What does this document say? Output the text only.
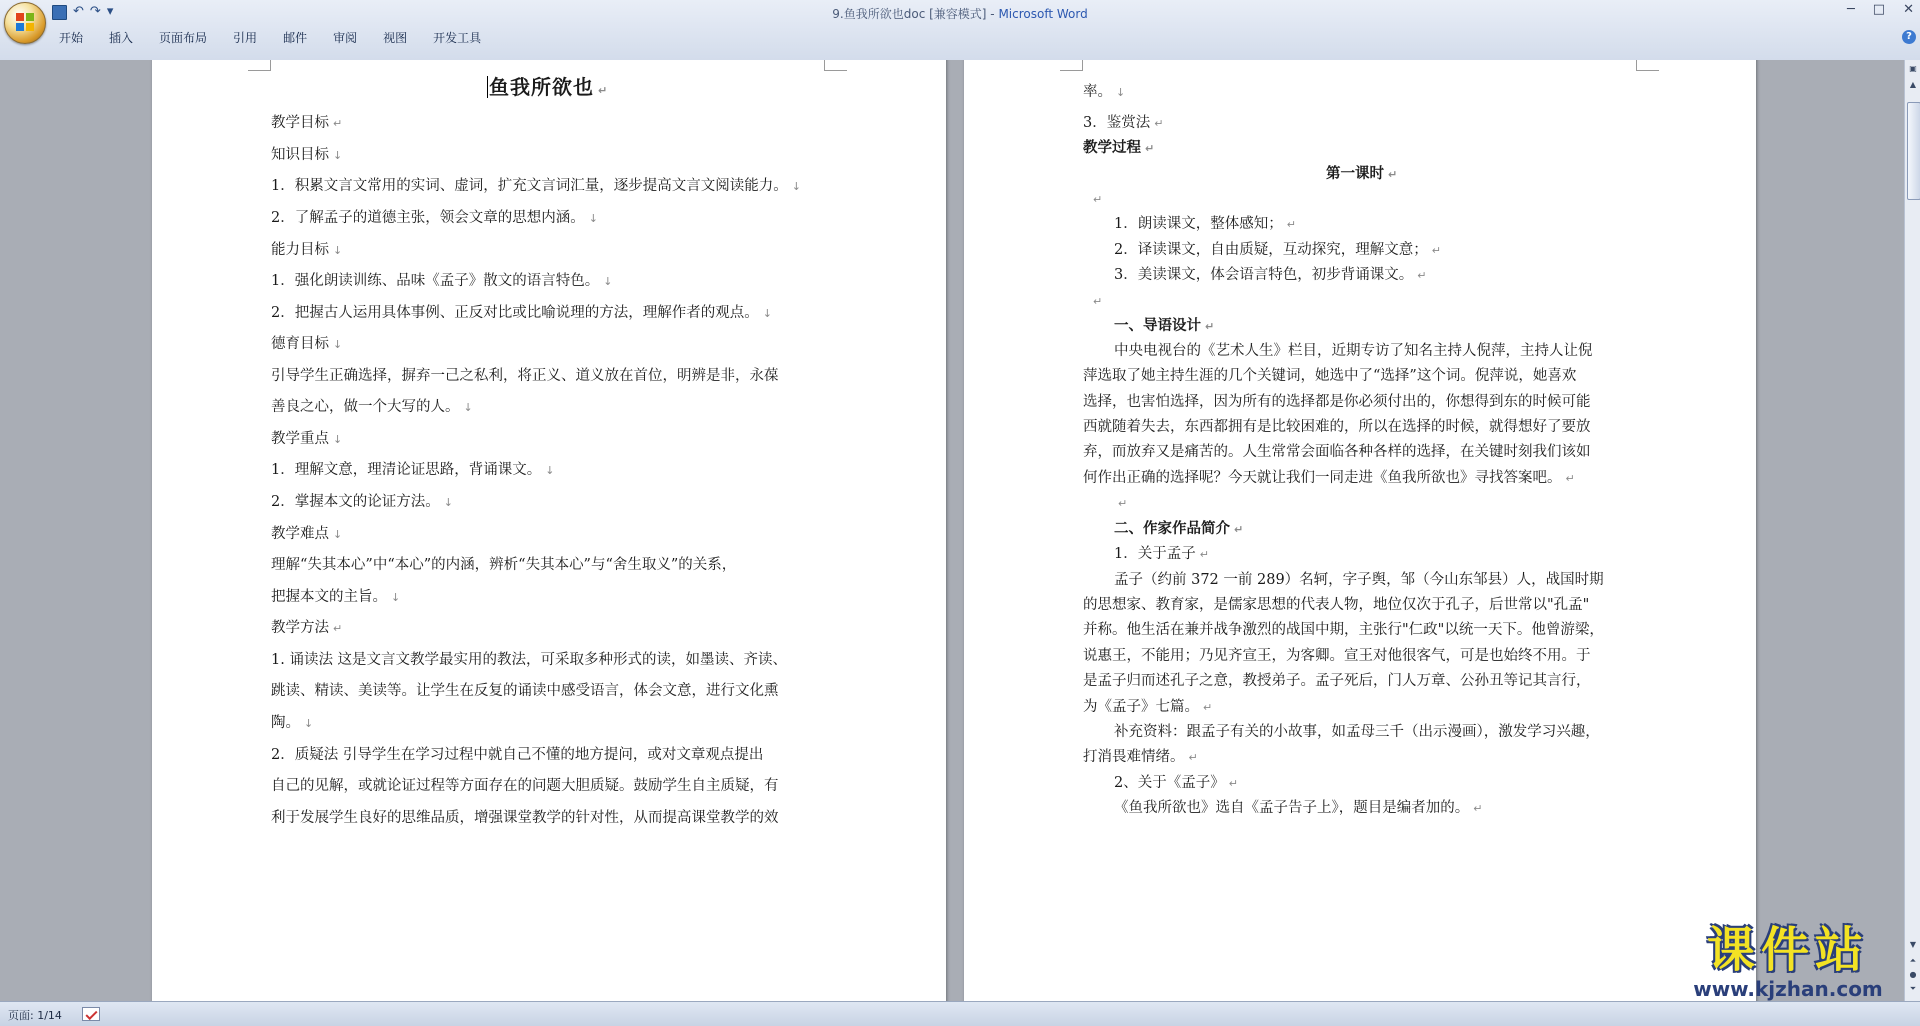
↶ ↷ ▾	9.鱼我所欲也doc [兼容模式] - Microsoft Word	─ □ ✕
开始	插入	页面布局	引用	邮件	审阅	视图	开发工具	?
鱼我所欲也 ↵
教学目标 ↵
知识目标 ↓
1．积累文言文常用的实词、虚词，扩充文言词汇量，逐步提高文言文阅读能力。 ↓
2．了解孟子的道德主张，领会文章的思想内涵。 ↓
能力目标 ↓
1．强化朗读训练、品味《孟子》散文的语言特色。 ↓
2．把握古人运用具体事例、正反对比或比喻说理的方法，理解作者的观点。 ↓
德育目标 ↓
引导学生正确选择，摒弃一己之私利，将正义、道义放在首位，明辨是非，永葆
善良之心，做一个大写的人。 ↓
教学重点 ↓
1．理解文意，理清论证思路，背诵课文。 ↓
2．掌握本文的论证方法。 ↓
教学难点 ↓
理解“失其本心”中“本心”的内涵，辨析“失其本心”与“舍生取义”的关系，
把握本文的主旨。 ↓
教学方法 ↵
1. 诵读法 这是文言文教学最实用的教法，可采取多种形式的读，如墨读、齐读、
跳读、精读、美读等。让学生在反复的诵读中感受语言，体会文意，进行文化熏
陶。 ↓
2．质疑法 引导学生在学习过程中就自己不懂的地方提问，或对文章观点提出
自己的见解，或就论证过程等方面存在的问题大胆质疑。鼓励学生自主质疑，有
利于发展学生良好的思维品质，增强课堂教学的针对性，从而提高课堂教学的效
率。 ↓
3．鉴赏法 ↵
教学过程 ↵
第一课时 ↵
↵
1．朗读课文，整体感知； ↵
2．译读课文，自由质疑，互动探究，理解文意； ↵
3．美读课文，体会语言特色，初步背诵课文。 ↵
↵
一、导语设计 ↵
中央电视台的《艺术人生》栏目，近期专访了知名主持人倪萍，主持人让倪
萍选取了她主持生涯的几个关键词，她选中了“选择”这个词。倪萍说，她喜欢
选择，也害怕选择，因为所有的选择都是你必须付出的，你想得到东的时候可能
西就随着失去，东西都拥有是比较困难的，所以在选择的时候，就得想好了要放
弃，而放弃又是痛苦的。人生常常会面临各种各样的选择，在关键时刻我们该如
何作出正确的选择呢？今天就让我们一同走进《鱼我所欲也》寻找答案吧。 ↵
↵
二、作家作品简介 ↵
1．关于孟子 ↵
孟子（约前 372 一前 289）名轲，字子舆，邹（今山东邹县）人，战国时期
的思想家、教育家，是儒家思想的代表人物，地位仅次于孔子，后世常以"孔孟"
并称。他生活在兼并战争激烈的战国中期，主张行"仁政"以统一天下。他曾游梁，
说惠王，不能用；乃见齐宣王，为客卿。宣王对他很客气，可是也始终不用。于
是孟子归而述孔子之意，教授弟子。孟子死后，门人万章、公孙丑等记其言行，
为《孟子》七篇。 ↵
补充资料：跟孟子有关的小故事，如孟母三千（出示漫画），激发学习兴趣，
打消畏难情绪。 ↵
2、关于《孟子》 ↵
《鱼我所欲也》选自《孟子告子上》，题目是编者加的。 ↵
▣
▲
▼
⏶
●
⏷
课件站
www.kjzhan.com
页面: 1/14
